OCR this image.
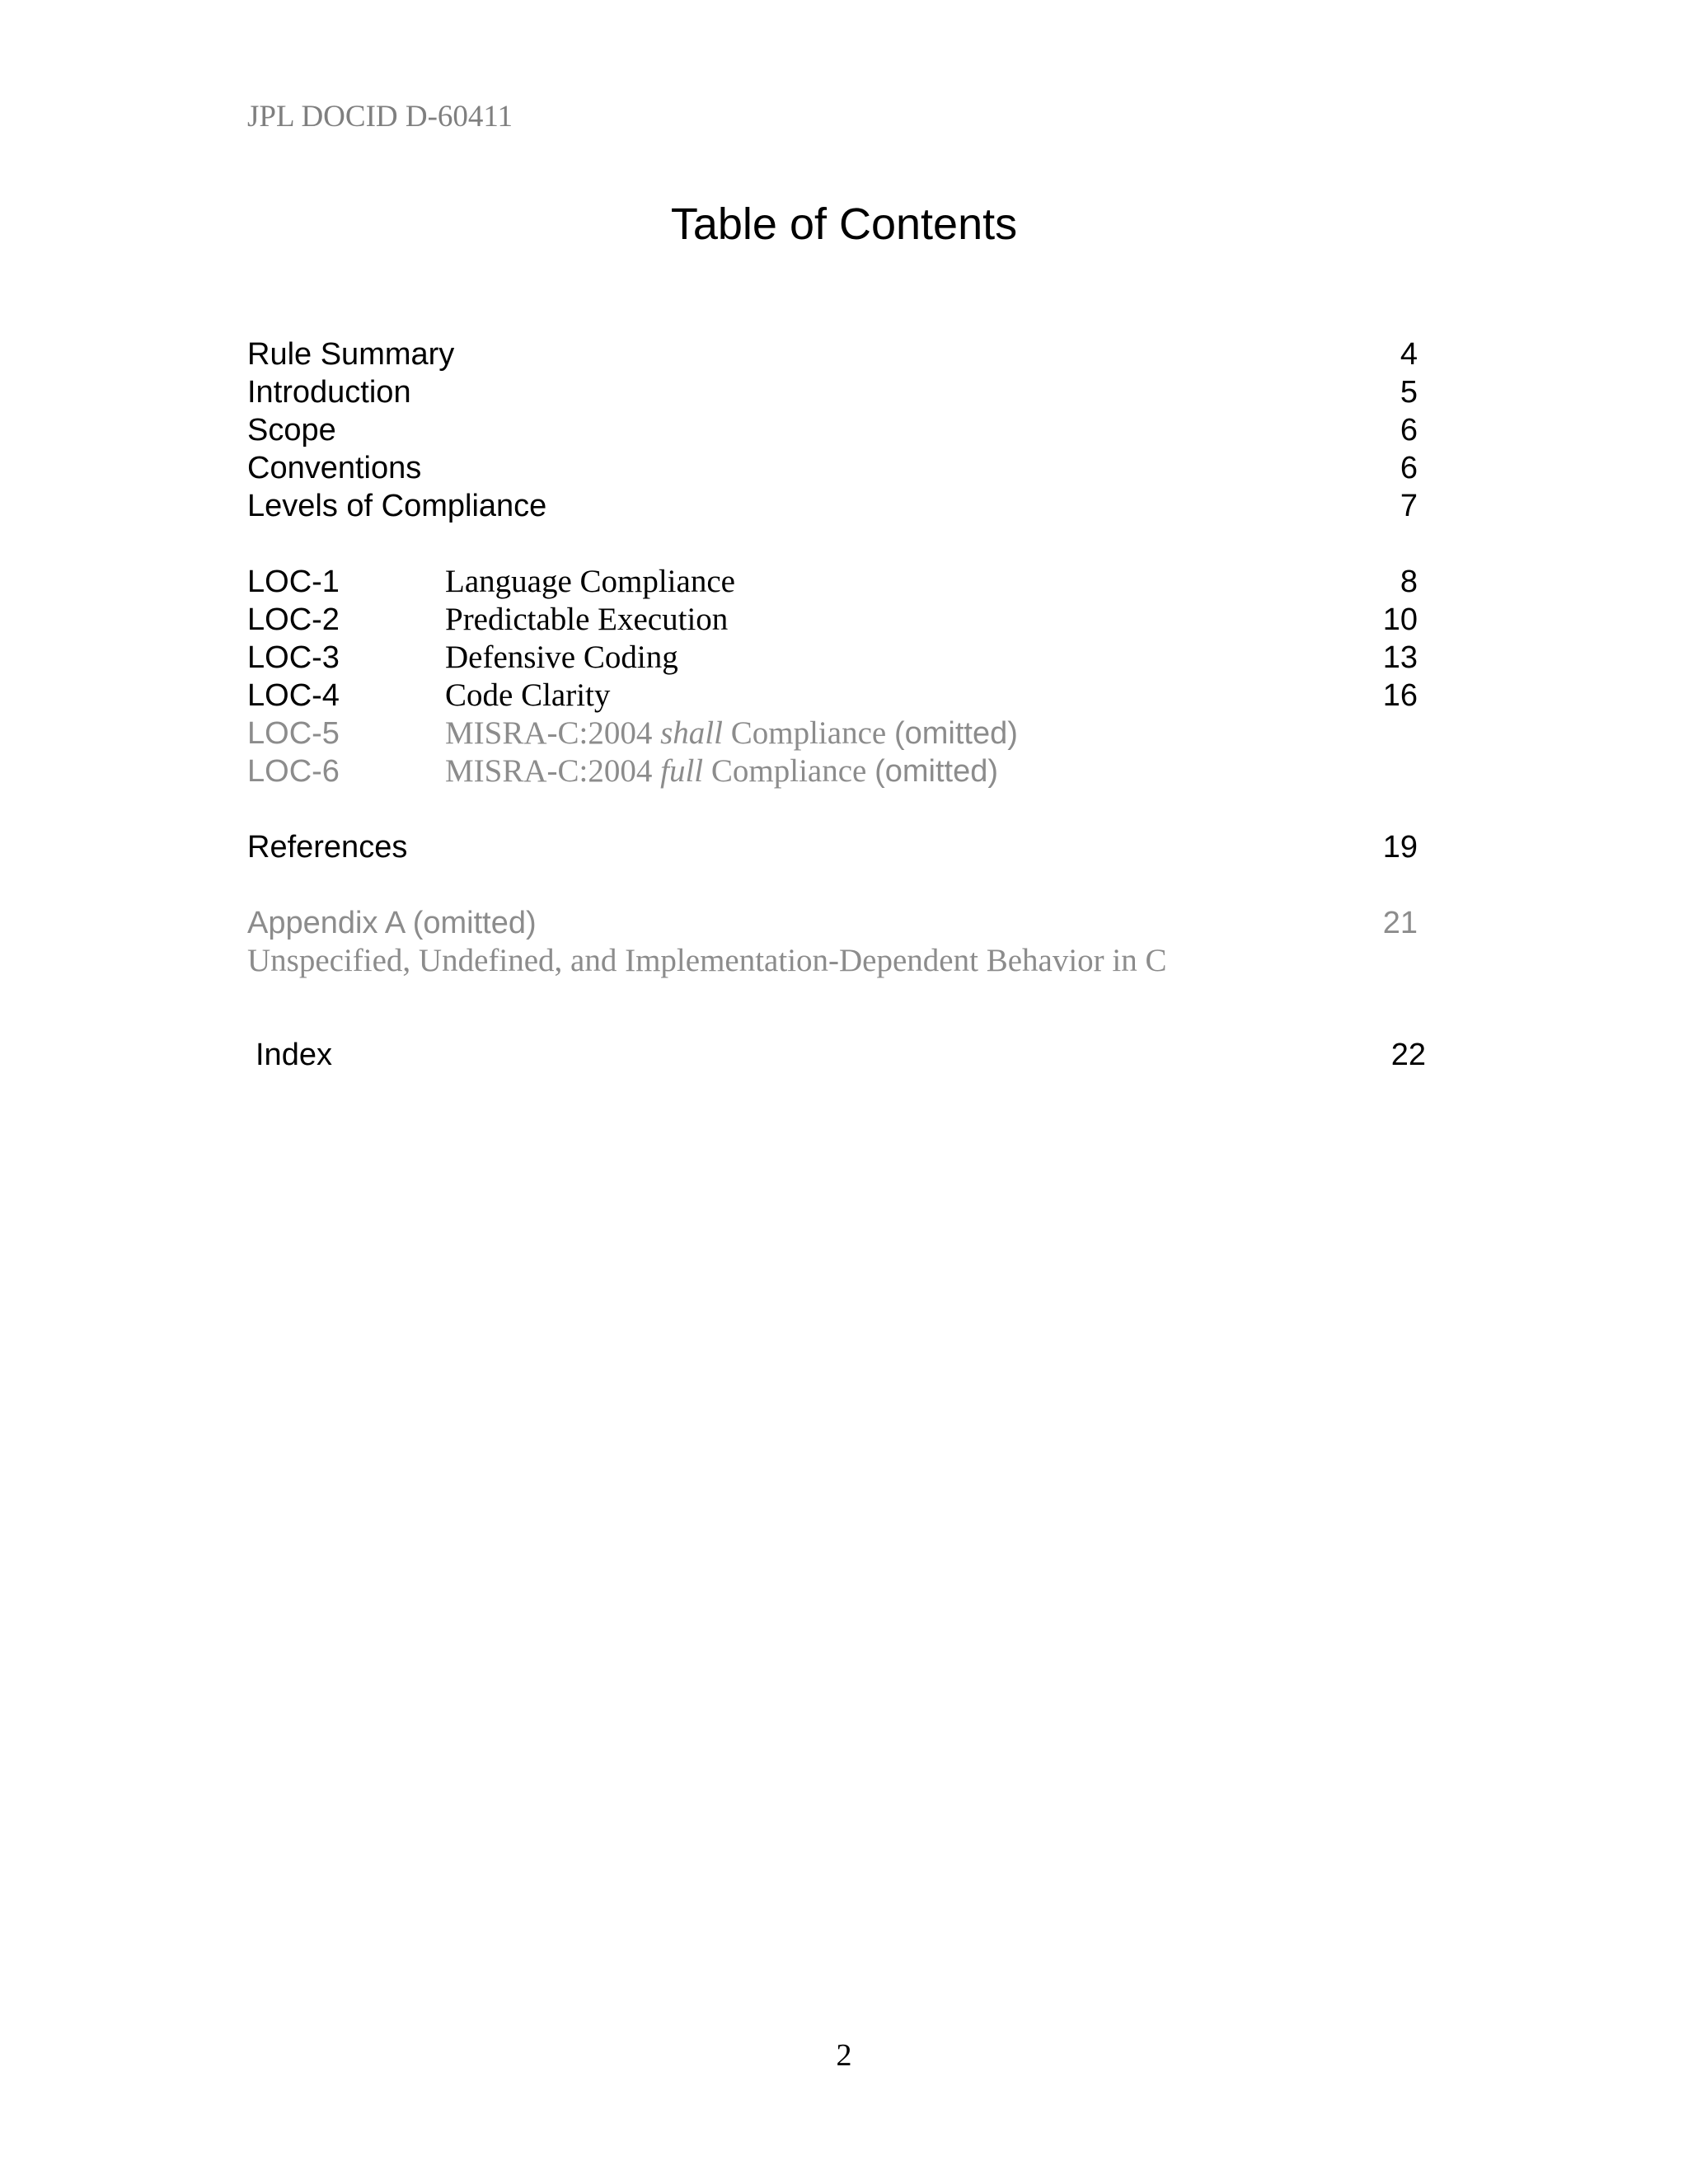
JPL DOCID D-60411
Table of Contents
Rule Summary	4
Introduction	5
Scope	6
Conventions	6
Levels of Compliance	7
LOC-1	Language Compliance	8
LOC-2	Predictable Execution	10
LOC-3	Defensive Coding	13
LOC-4	Code Clarity	16
LOC-5	MISRA-C:2004 shall Compliance (omitted)
LOC-6	MISRA-C:2004 full Compliance (omitted)
References	19
Appendix A (omitted)	21
Unspecified, Undefined, and Implementation-Dependent Behavior in C
Index	22
2
